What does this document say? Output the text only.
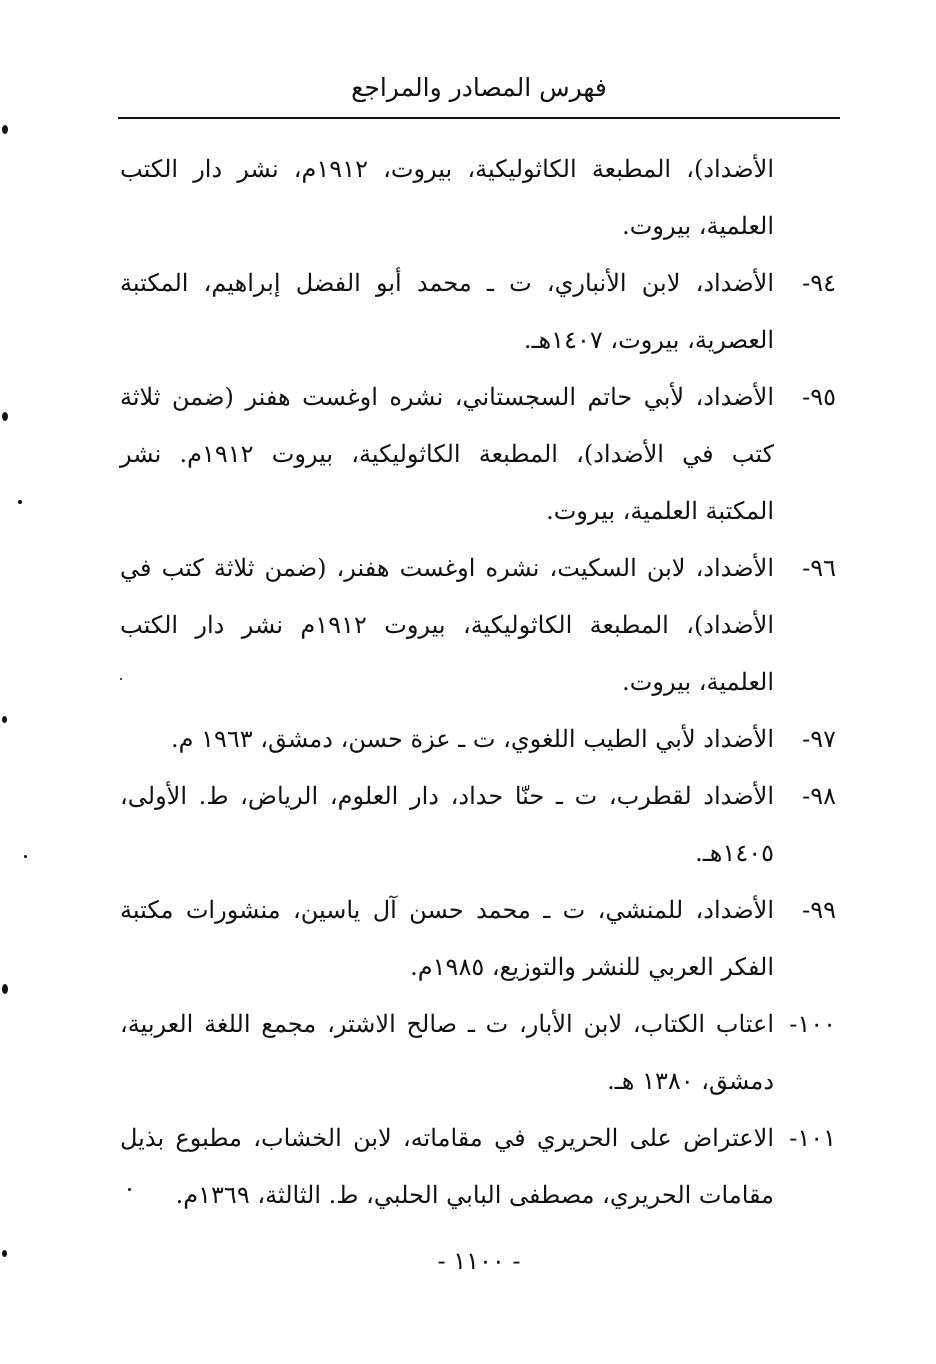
فهرس المصادر والمراجع
الأضداد)، المطبعة الكاثوليكية، بيروت، ١٩١٢م، نشر دار الكتب العلمية، بيروت.
٩٤-
الأضداد، لابن الأنباري، ت ـ محمد أبو الفضل إبراهيم، المكتبة العصرية، بيروت، ١٤٠٧هـ.
٩٥-
الأضداد، لأبي حاتم السجستاني، نشره اوغست هفنر (ضمن ثلاثة كتب في الأضداد)، المطبعة الكاثوليكية، بيروت ١٩١٢م. نشر المكتبة العلمية، بيروت.
٩٦-
الأضداد، لابن السكيت، نشره اوغست هفنر، (ضمن ثلاثة كتب في الأضداد)، المطبعة الكاثوليكية، بيروت ١٩١٢م نشر دار الكتب العلمية، بيروت.
٩٧-
الأضداد لأبي الطيب اللغوي، ت ـ عزة حسن، دمشق، ١٩٦٣ م.
٩٨-
الأضداد لقطرب، ت ـ حنّا حداد، دار العلوم، الرياض، ط. الأولى، ١٤٠٥هـ.
٩٩-
الأضداد، للمنشي، ت ـ محمد حسن آل ياسين، منشورات مكتبة الفكر العربي للنشر والتوزيع، ١٩٨٥م.
١٠٠-
اعتاب الكتاب، لابن الأبار، ت ـ صالح الاشتر، مجمع اللغة العربية، دمشق، ١٣٨٠ هـ.
١٠١-
الاعتراض على الحريري في مقاماته، لابن الخشاب، مطبوع بذيل مقامات الحريري، مصطفى البابي الحلبي، ط. الثالثة، ١٣٦٩م.
- ١١٠٠ -
